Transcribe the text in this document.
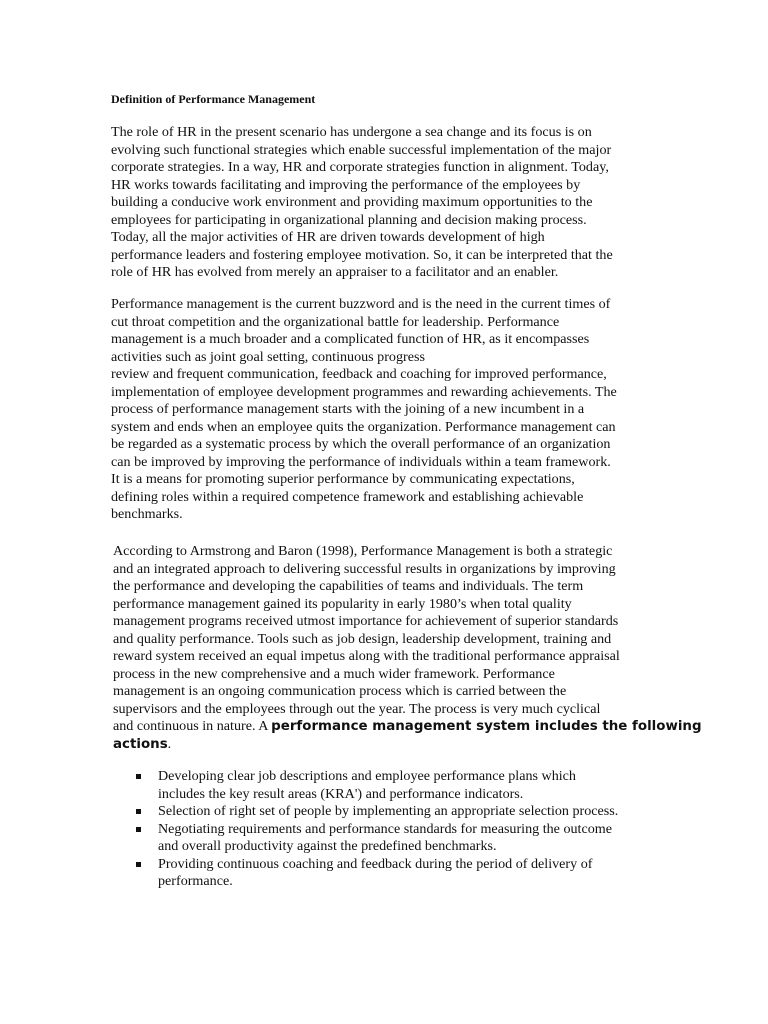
Definition of Performance Management
The role of HR in the present scenario has undergone a sea change and its focus is on
evolving such functional strategies which enable successful implementation of the major
corporate strategies. In a way, HR and corporate strategies function in alignment. Today,
HR works towards facilitating and improving the performance of the employees by
building a conducive work environment and providing maximum opportunities to the
employees for participating in organizational planning and decision making process.
Today, all the major activities of HR are driven towards development of high
performance leaders and fostering employee motivation. So, it can be interpreted that the
role of HR has evolved from merely an appraiser to a facilitator and an enabler.
Performance management is the current buzzword and is the need in the current times of
cut throat competition and the organizational battle for leadership. Performance
management is a much broader and a complicated function of HR, as it encompasses
activities such as joint goal setting, continuous progress
review and frequent communication, feedback and coaching for improved performance,
implementation of employee development programmes and rewarding achievements. The
process of performance management starts with the joining of a new incumbent in a
system and ends when an employee quits the organization. Performance management can
be regarded as a systematic process by which the overall performance of an organization
can be improved by improving the performance of individuals within a team framework.
It is a means for promoting superior performance by communicating expectations,
defining roles within a required competence framework and establishing achievable
benchmarks.
According to Armstrong and Baron (1998), Performance Management is both a strategic
and an integrated approach to delivering successful results in organizations by improving
the performance and developing the capabilities of teams and individuals. The term
performance management gained its popularity in early 1980’s when total quality
management programs received utmost importance for achievement of superior standards
and quality performance. Tools such as job design, leadership development, training and
reward system received an equal impetus along with the traditional performance appraisal
process in the new comprehensive and a much wider framework. Performance
management is an ongoing communication process which is carried between the
supervisors and the employees through out the year. The process is very much cyclical
and continuous in nature. A performance management system includes the following
actions.
Developing clear job descriptions and employee performance plans which
includes the key result areas (KRA') and performance indicators.
Selection of right set of people by implementing an appropriate selection process.
Negotiating requirements and performance standards for measuring the outcome
and overall productivity against the predefined benchmarks.
Providing continuous coaching and feedback during the period of delivery of
performance.
